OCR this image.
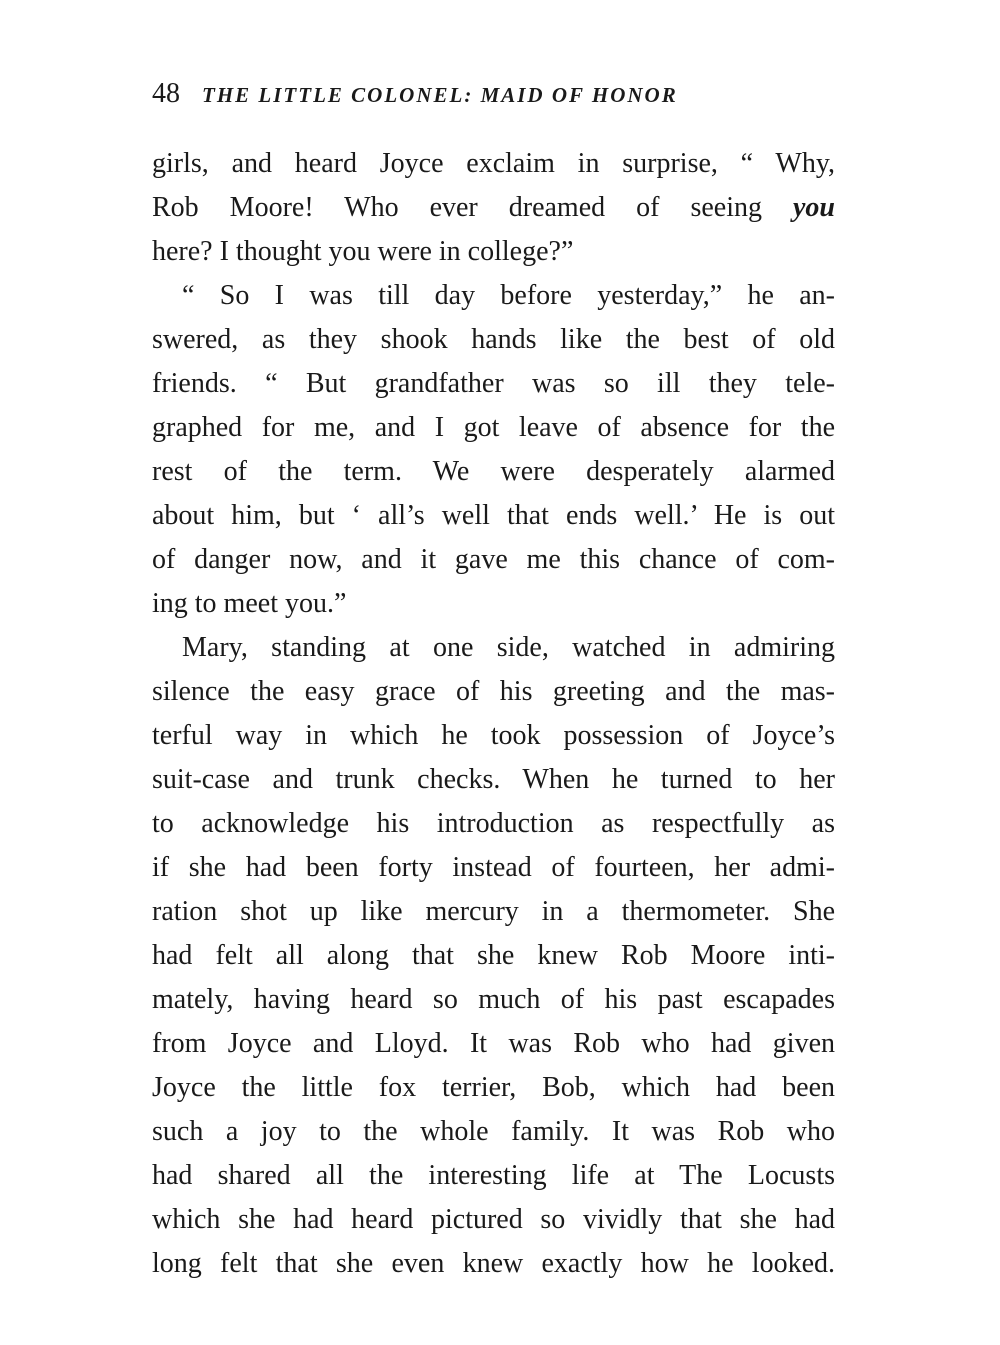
48 THE LITTLE COLONEL: MAID OF HONOR
girls, and heard Joyce exclaim in surprise, “ Why,
Rob Moore! Who ever dreamed of seeing you
here? I thought you were in college?”
“ So I was till day before yesterday,” he an-
swered, as they shook hands like the best of old
friends. “ But grandfather was so ill they tele-
graphed for me, and I got leave of absence for the
rest of the term. We were desperately alarmed
about him, but ‘ all’s well that ends well.’ He is out
of danger now, and it gave me this chance of com-
ing to meet you.”
Mary, standing at one side, watched in admiring
silence the easy grace of his greeting and the mas-
terful way in which he took possession of Joyce’s
suit-case and trunk checks. When he turned to her
to acknowledge his introduction as respectfully as
if she had been forty instead of fourteen, her admi-
ration shot up like mercury in a thermometer. She
had felt all along that she knew Rob Moore inti-
mately, having heard so much of his past escapades
from Joyce and Lloyd. It was Rob who had given
Joyce the little fox terrier, Bob, which had been
such a joy to the whole family. It was Rob who
had shared all the interesting life at The Locusts
which she had heard pictured so vividly that she had
long felt that she even knew exactly how he looked.
